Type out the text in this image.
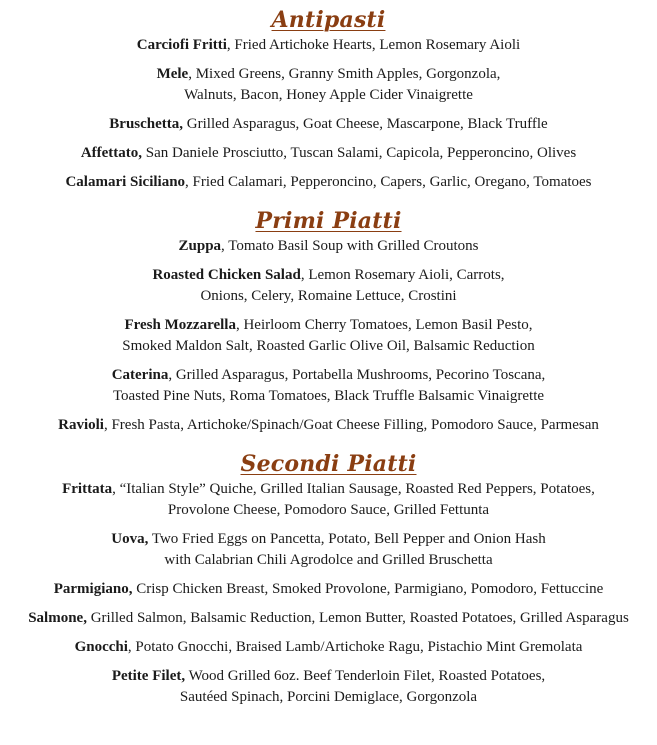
Antipasti
Carciofi Fritti, Fried Artichoke Hearts, Lemon Rosemary Aioli
Mele, Mixed Greens, Granny Smith Apples, Gorgonzola,
Walnuts, Bacon, Honey Apple Cider Vinaigrette
Bruschetta, Grilled Asparagus, Goat Cheese, Mascarpone, Black Truffle
Affettato, San Daniele Prosciutto, Tuscan Salami, Capicola, Pepperoncino, Olives
Calamari Siciliano, Fried Calamari, Pepperoncino, Capers, Garlic, Oregano, Tomatoes
Primi Piatti
Zuppa, Tomato Basil Soup with Grilled Croutons
Roasted Chicken Salad, Lemon Rosemary Aioli, Carrots,
Onions, Celery, Romaine Lettuce, Crostini
Fresh Mozzarella, Heirloom Cherry Tomatoes, Lemon Basil Pesto,
Smoked Maldon Salt, Roasted Garlic Olive Oil, Balsamic Reduction
Caterina, Grilled Asparagus, Portabella Mushrooms, Pecorino Toscana,
Toasted Pine Nuts, Roma Tomatoes, Black Truffle Balsamic Vinaigrette
Ravioli, Fresh Pasta, Artichoke/Spinach/Goat Cheese Filling, Pomodoro Sauce, Parmesan
Secondi Piatti
Frittata, “Italian Style” Quiche, Grilled Italian Sausage, Roasted Red Peppers, Potatoes,
Provolone Cheese, Pomodoro Sauce, Grilled Fettunta
Uova, Two Fried Eggs on Pancetta, Potato, Bell Pepper and Onion Hash
with Calabrian Chili Agrodolce and Grilled Bruschetta
Parmigiano, Crisp Chicken Breast, Smoked Provolone, Parmigiano, Pomodoro, Fettuccine
Salmone, Grilled Salmon, Balsamic Reduction, Lemon Butter, Roasted Potatoes, Grilled Asparagus
Gnocchi, Potato Gnocchi, Braised Lamb/Artichoke Ragu, Pistachio Mint Gremolata
Petite Filet, Wood Grilled 6oz. Beef Tenderloin Filet, Roasted Potatoes,
Sautéed Spinach, Porcini Demiglace, Gorgonzola
